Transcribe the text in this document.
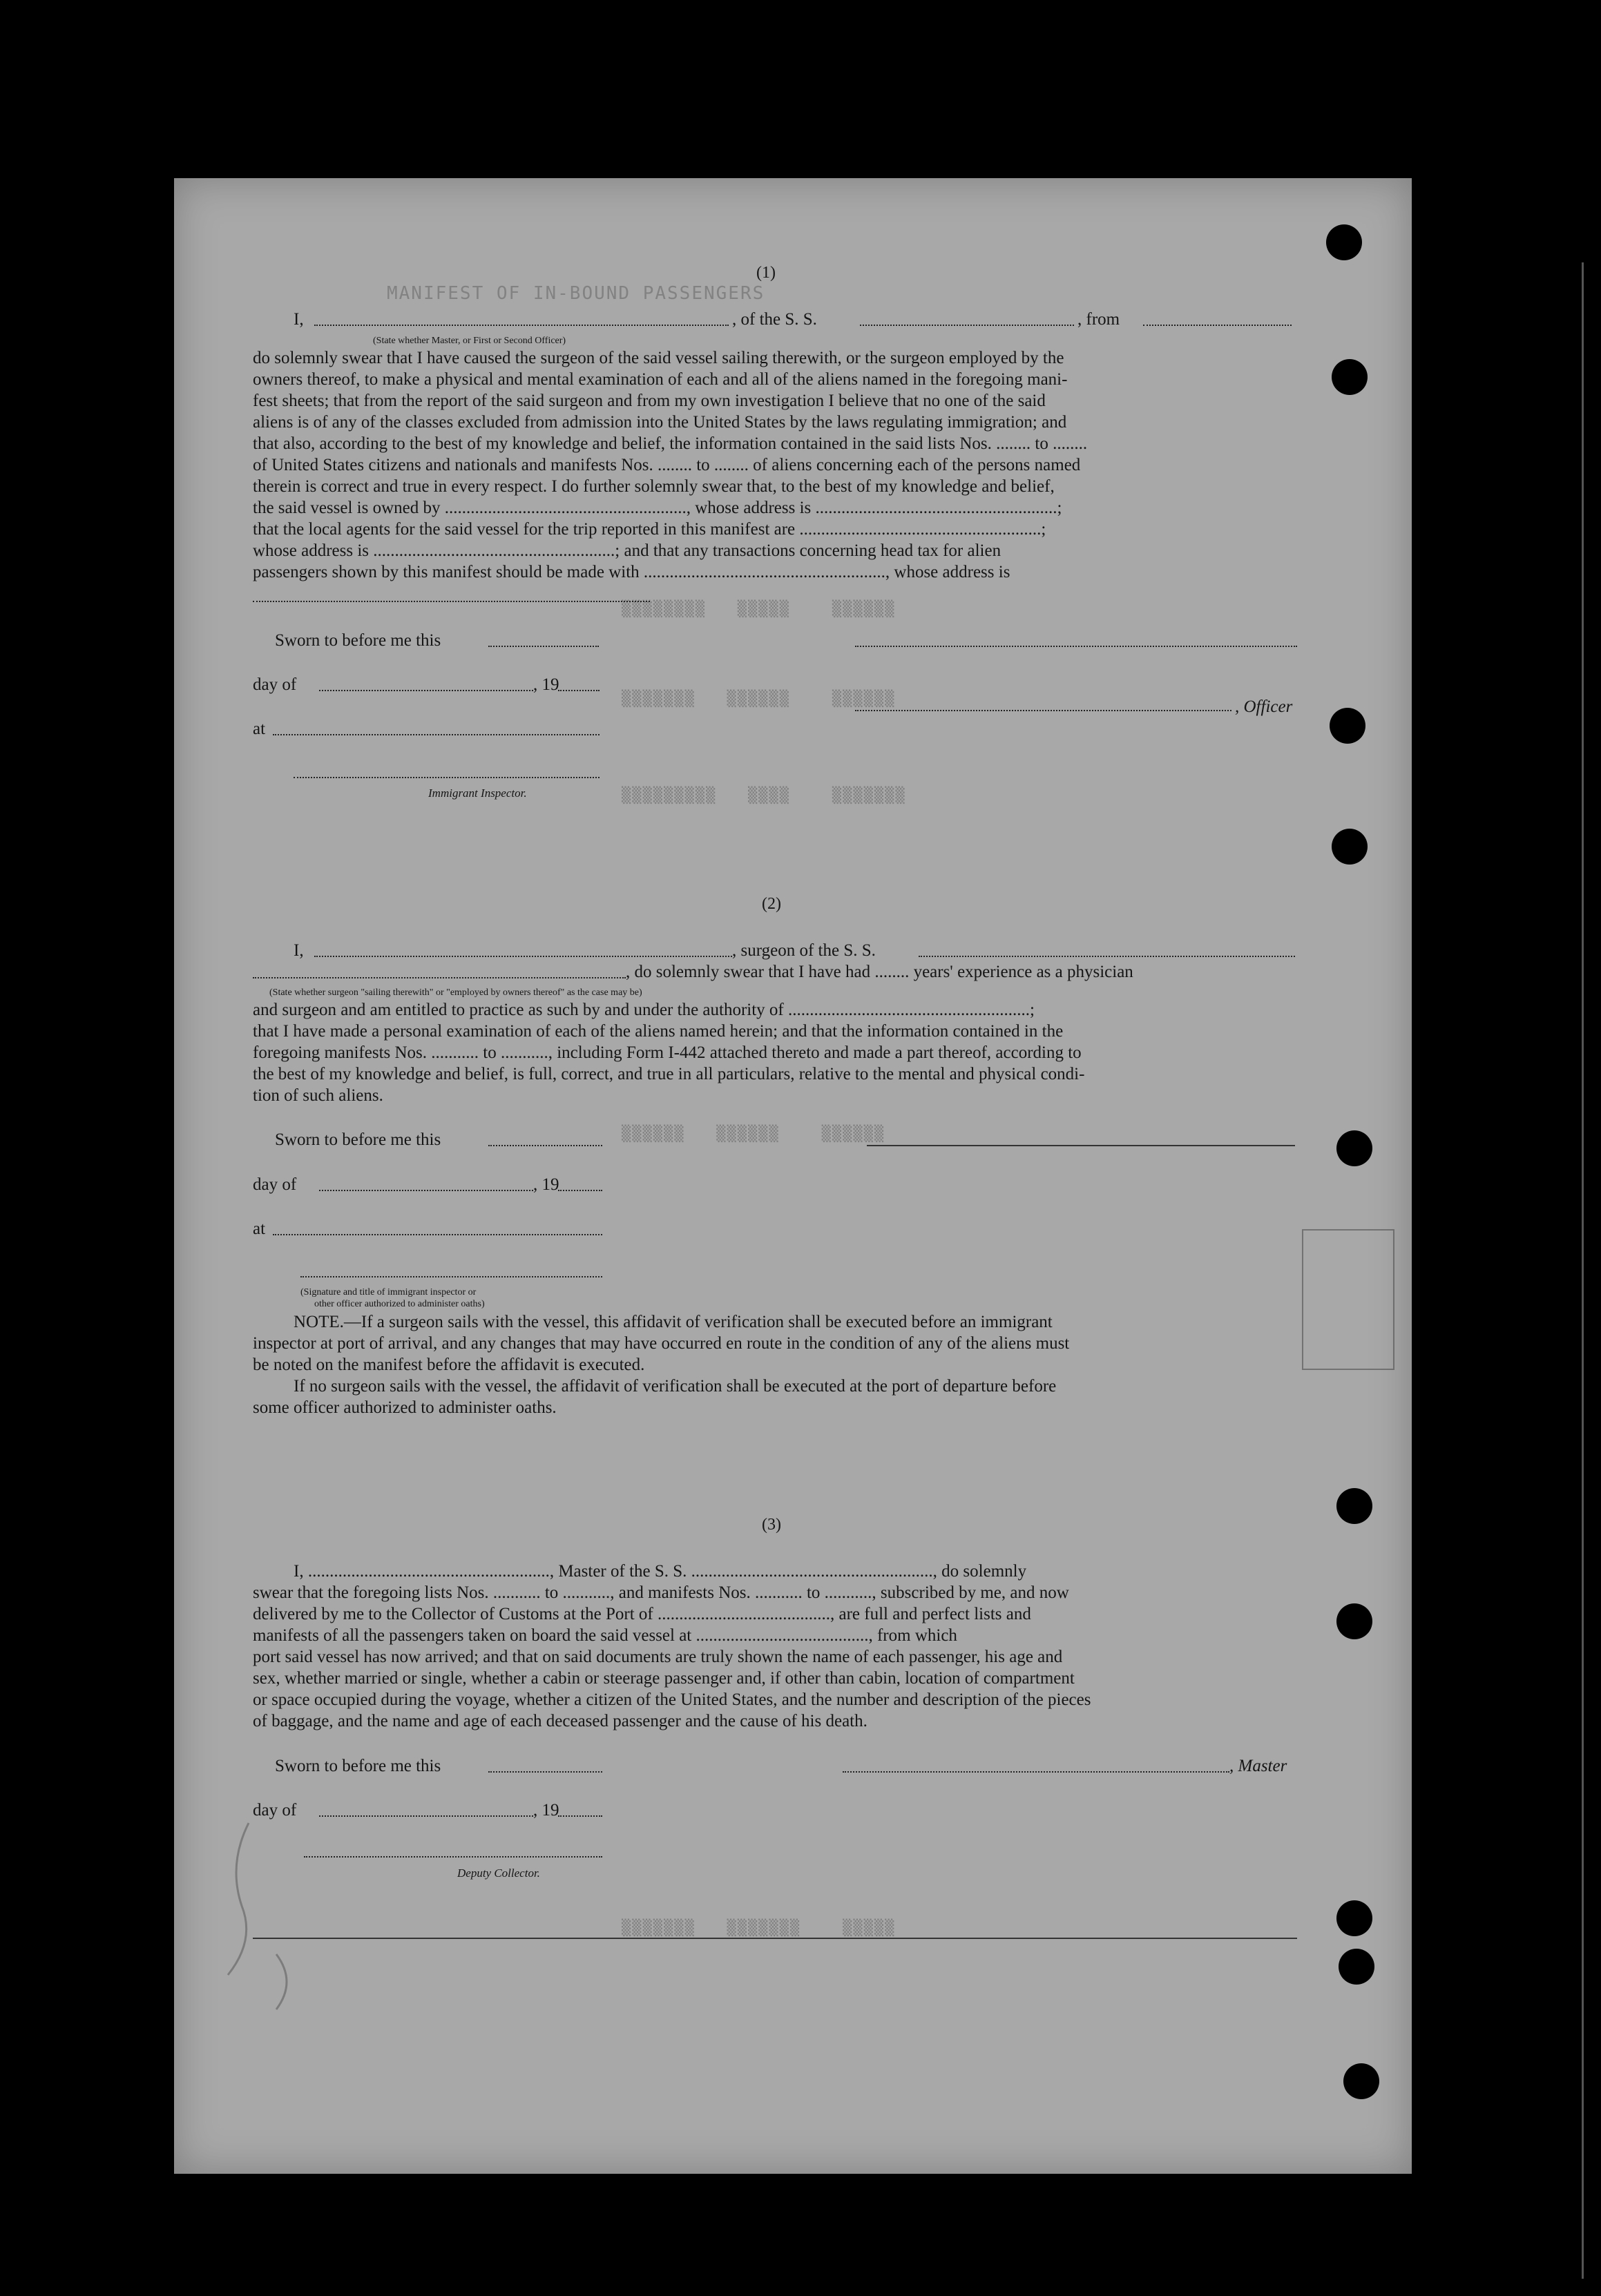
MANIFEST OF IN-BOUND PASSENGERS
▒▒▒▒▒▒▒▒   ▒▒▒▒▒    ▒▒▒▒▒▒
▒▒▒▒▒▒▒   ▒▒▒▒▒▒    ▒▒▒▒▒▒
▒▒▒▒▒▒▒▒▒   ▒▒▒▒    ▒▒▒▒▒▒▒
▒▒▒▒▒▒   ▒▒▒▒▒▒    ▒▒▒▒▒▒
▒▒▒▒▒▒▒   ▒▒▒▒▒▒▒    ▒▒▒▒▒
(1)
I,	, of the S. S.	, from
(State whether Master, or First or Second Officer)
do solemnly swear that I have caused the surgeon of the said vessel sailing therewith, or the surgeon employed by the
owners thereof, to make a physical and mental examination of each and all of the aliens named in the foregoing mani-
fest sheets; that from the report of the said surgeon and from my own investigation I believe that no one of the said
aliens is of any of the classes excluded from admission into the United States by the laws regulating immigration; and
that also, according to the best of my knowledge and belief, the information contained in the said lists Nos. ........ to ........
of United States citizens and nationals and manifests Nos. ........ to ........ of aliens concerning each of the persons named
therein is correct and true in every respect. I do further solemnly swear that, to the best of my knowledge and belief,
the said vessel is owned by ........................................................, whose address is ........................................................;
that the local agents for the said vessel for the trip reported in this manifest are ........................................................;
whose address is ........................................................; and that any transactions concerning head tax for alien
passengers shown by this manifest should be made with ........................................................, whose address is
Sworn to before me this
day of	, 19
, Officer
at
Immigrant Inspector.
(2)
I,	, surgeon of the S. S.
, do solemnly swear that I have had ........ years' experience as a physician
(State whether surgeon "sailing therewith" or "employed by owners thereof" as the case may be)
and surgeon and am entitled to practice as such by and under the authority of ........................................................;
that I have made a personal examination of each of the aliens named herein; and that the information contained in the
foregoing manifests Nos. ........... to ..........., including Form I-442 attached thereto and made a part thereof, according to
the best of my knowledge and belief, is full, correct, and true in all particulars, relative to the mental and physical condi-
tion of such aliens.
Sworn to before me this
day of	, 19
at
(Signature and title of immigrant inspector or
other officer authorized to administer oaths)
NOTE.—If a surgeon sails with the vessel, this affidavit of verification shall be executed before an immigrant
inspector at port of arrival, and any changes that may have occurred en route in the condition of any of the aliens must
be noted on the manifest before the affidavit is executed.
If no surgeon sails with the vessel, the affidavit of verification shall be executed at the port of departure before
some officer authorized to administer oaths.
(3)
I, ........................................................, Master of the S. S. ........................................................, do solemnly
swear that the foregoing lists Nos. ........... to ..........., and manifests Nos. ........... to ..........., subscribed by me, and now
delivered by me to the Collector of Customs at the Port of ........................................, are full and perfect lists and
manifests of all the passengers taken on board the said vessel at ........................................, from which
port said vessel has now arrived; and that on said documents are truly shown the name of each passenger, his age and
sex, whether married or single, whether a cabin or steerage passenger and, if other than cabin, location of compartment
or space occupied during the voyage, whether a citizen of the United States, and the number and description of the pieces
of baggage, and the name and age of each deceased passenger and the cause of his death.
Sworn to before me this	, Master
day of	, 19
Deputy Collector.
